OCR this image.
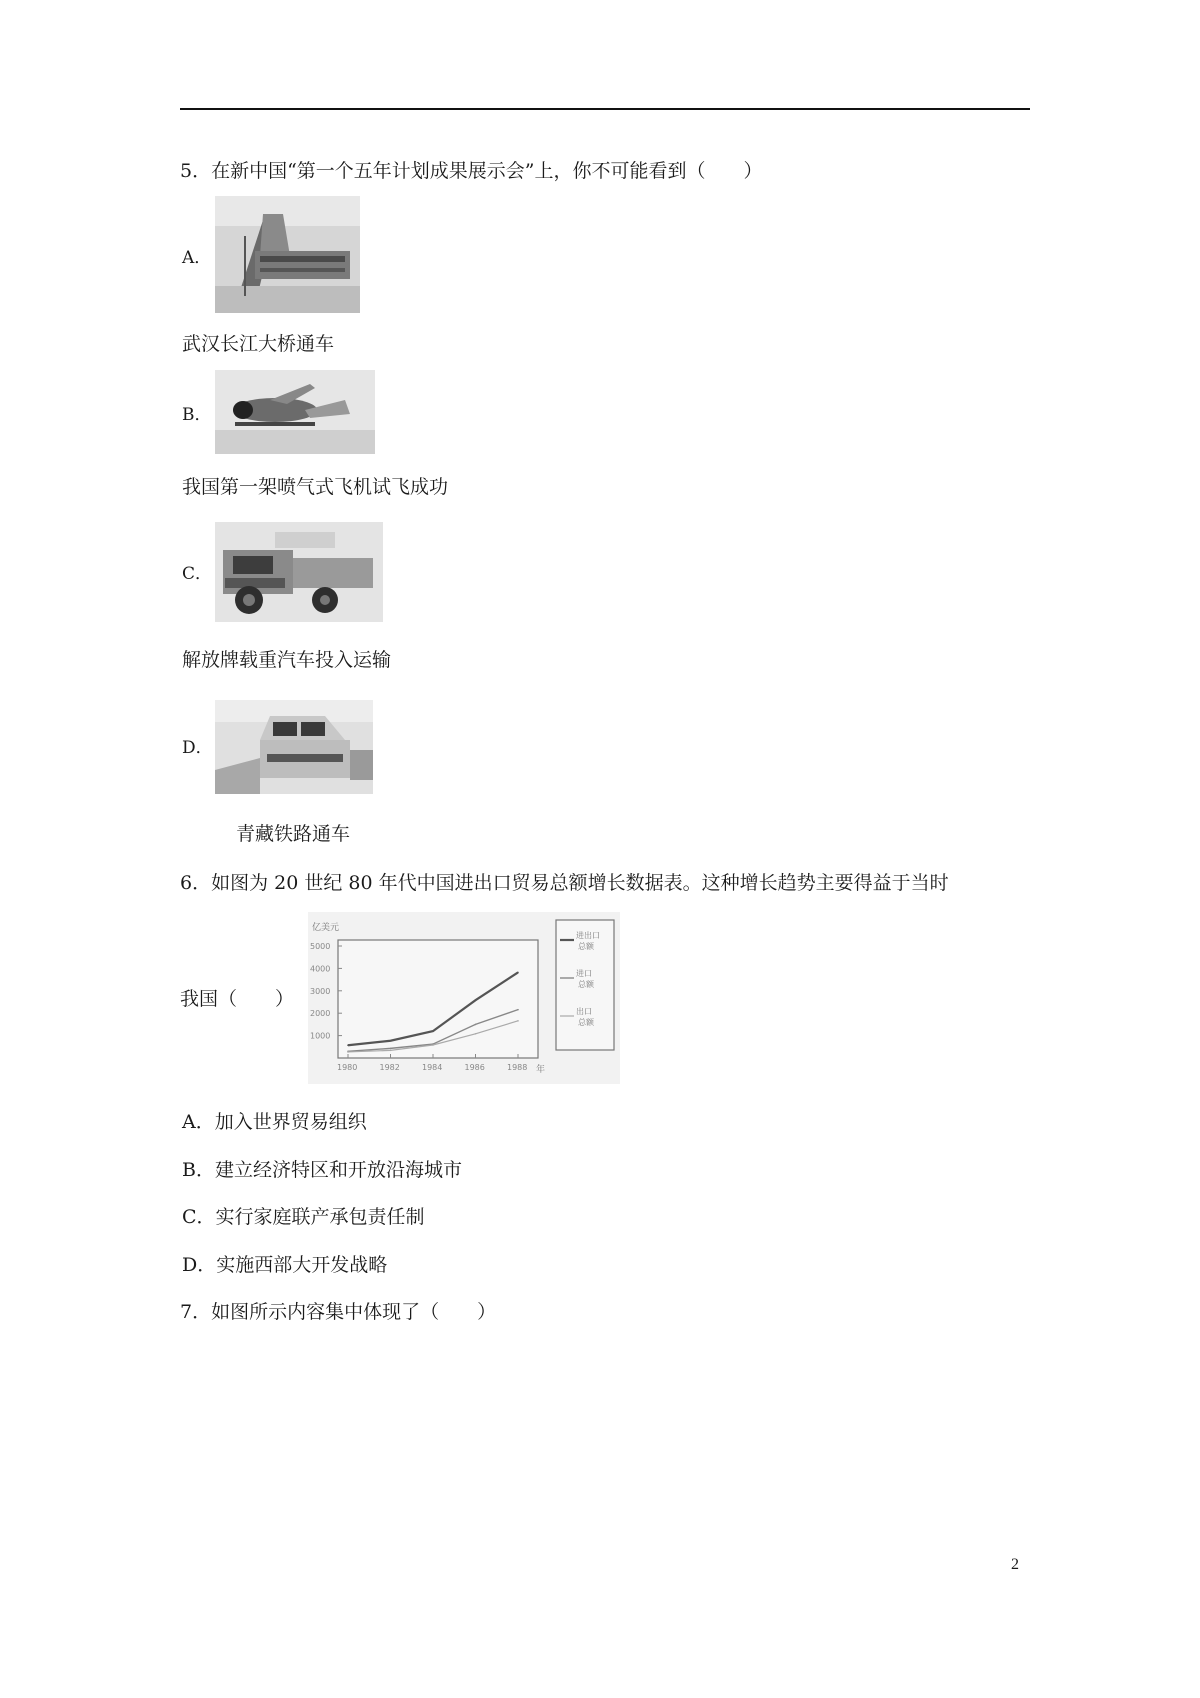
5．在新中国“第一个五年计划成果展示会”上，你不可能看到（　　）
A．
武汉长江大桥通车
B．
我国第一架喷气式飞机试飞成功
C．
解放牌载重汽车投入运输
D．
青藏铁路通车
6．如图为 20 世纪 80 年代中国进出口贸易总额增长数据表。这种增长趋势主要得益于当时
我国（　　）
1000
2000
3000
4000
5000
1980	1982	1984	1986	1988
进出口
总额
进口
总额
出口
总额
亿美元
年
A．加入世界贸易组织
B．建立经济特区和开放沿海城市
C．实行家庭联产承包责任制
D．实施西部大开发战略
7．如图所示内容集中体现了（　　）
2
